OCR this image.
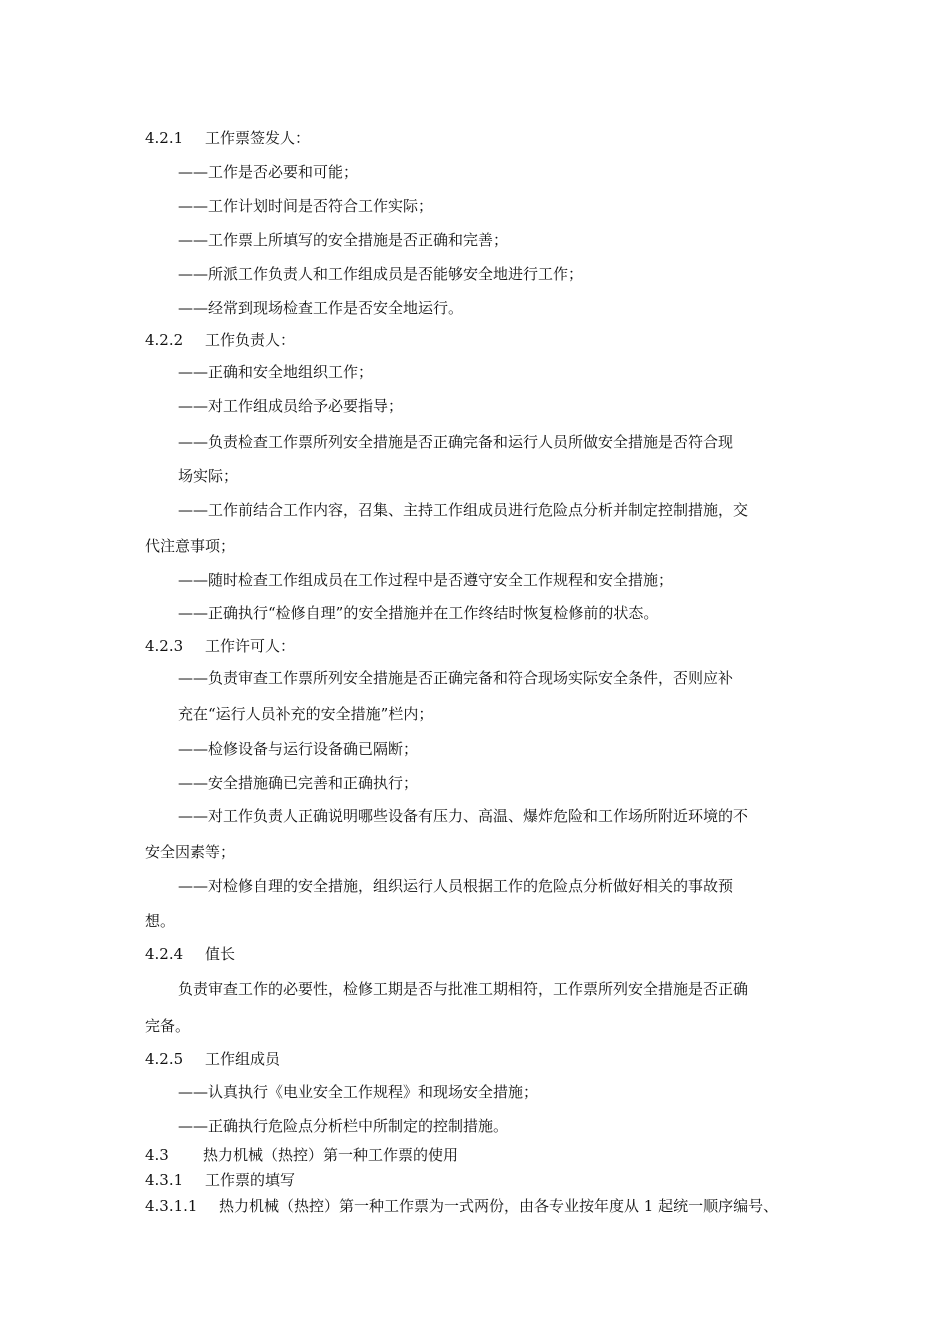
4.2.1 工作票签发人：
——工作是否必要和可能；
——工作计划时间是否符合工作实际；
——工作票上所填写的安全措施是否正确和完善；
——所派工作负责人和工作组成员是否能够安全地进行工作；
——经常到现场检查工作是否安全地运行。
4.2.2 工作负责人：
——正确和安全地组织工作；
——对工作组成员给予必要指导；
——负责检查工作票所列安全措施是否正确完备和运行人员所做安全措施是否符合现
场实际；
——工作前结合工作内容，召集、主持工作组成员进行危险点分析并制定控制措施，交
代注意事项；
——随时检查工作组成员在工作过程中是否遵守安全工作规程和安全措施；
——正确执行“检修自理”的安全措施并在工作终结时恢复检修前的状态。
4.2.3 工作许可人：
——负责审查工作票所列安全措施是否正确完备和符合现场实际安全条件，否则应补
充在“运行人员补充的安全措施”栏内；
——检修设备与运行设备确已隔断；
——安全措施确已完善和正确执行；
——对工作负责人正确说明哪些设备有压力、高温、爆炸危险和工作场所附近环境的不
安全因素等；
——对检修自理的安全措施，组织运行人员根据工作的危险点分析做好相关的事故预
想。
4.2.4 值长
负责审查工作的必要性，检修工期是否与批准工期相符，工作票所列安全措施是否正确
完备。
4.2.5 工作组成员
——认真执行《电业安全工作规程》和现场安全措施；
——正确执行危险点分析栏中所制定的控制措施。
4.3 热力机械（热控）第一种工作票的使用
4.3.1 工作票的填写
4.3.1.1 热力机械（热控）第一种工作票为一式两份，由各专业按年度从 1 起统一顺序编号、
